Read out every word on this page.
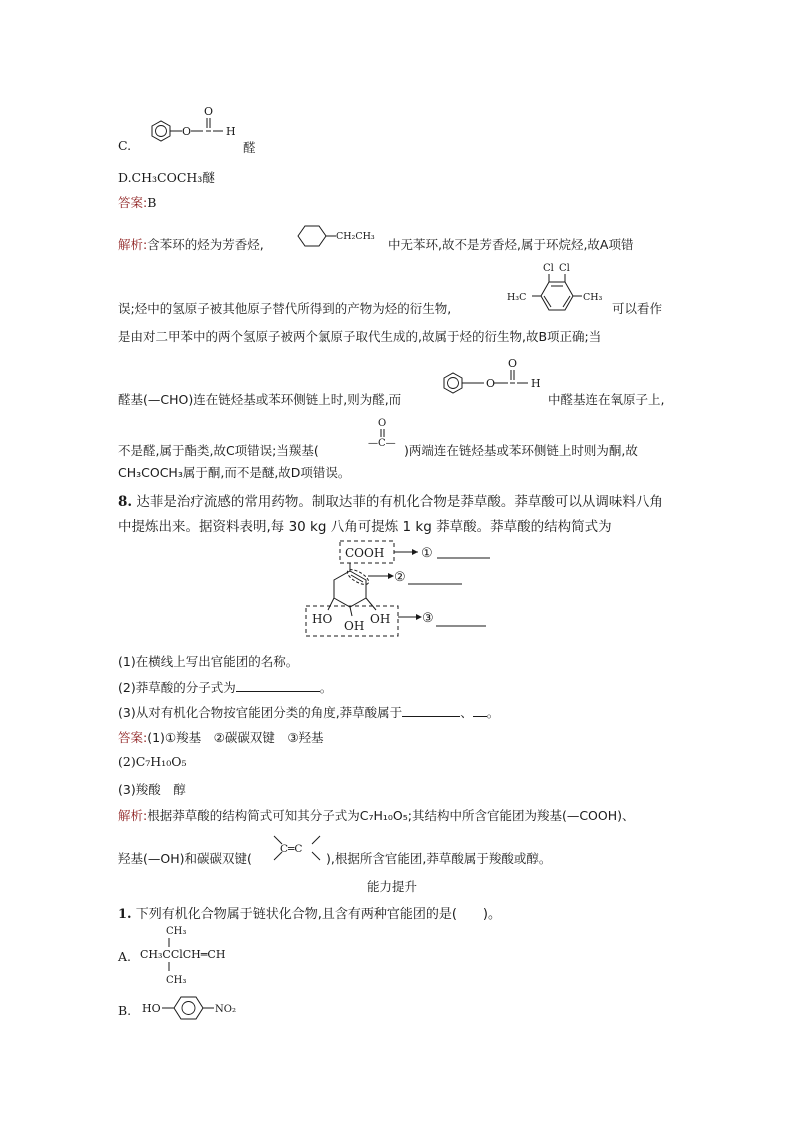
C.
O
O
H
醛
D.CH₃COCH₃醚
答案:B
解析:含苯环的烃为芳香烃,
CH₂CH₃
中无苯环,故不是芳香烃,属于环烷烃,故A项错
误;烃中的氢原子被其他原子替代所得到的产物为烃的衍生物,
Cl Cl
H₃C	CH₃
可以看作
是由对二甲苯中的两个氢原子被两个氯原子取代生成的,故属于烃的衍生物,故B项正确;当
醛基(—CHO)连在链烃基或苯环侧链上时,则为醛,而
O
O
H
中醛基连在氧原子上,
不是醛,属于酯类,故C项错误;当羰基(
O
—C— )两端连在链烃基或苯环侧链上时则为酮,故
CH₃COCH₃属于酮,而不是醚,故D项错误。
8. 达菲是治疗流感的常用药物。制取达菲的有机化合物是莽草酸。莽草酸可以从调味料八角
中提炼出来。据资料表明,每 30 kg 八角可提炼 1 kg 莽草酸。莽草酸的结构简式为
COOH	①
②
HO OH OH ③
(1)在横线上写出官能团的名称。
(2)莽草酸的分子式为	。
(3)从对有机化合物按官能团分类的角度,莽草酸属于	、 。
答案:(1)①羧基　②碳碳双键　③羟基
(2)C₇H₁₀O₅
(3)羧酸　醇
解析:根据莽草酸的结构简式可知其分子式为C₇H₁₀O₅;其结构中所含官能团为羧基(—COOH)、
羟基(—OH)和碳碳双键(
C═C
),根据所含官能团,莽草酸属于羧酸或醇。
能力提升
1. 下列有机化合物属于链状化合物,且含有两种官能团的是(　　)。
A.
CH₃
CH₃CClCH═CH
CH₃
B. HO	NO₂
